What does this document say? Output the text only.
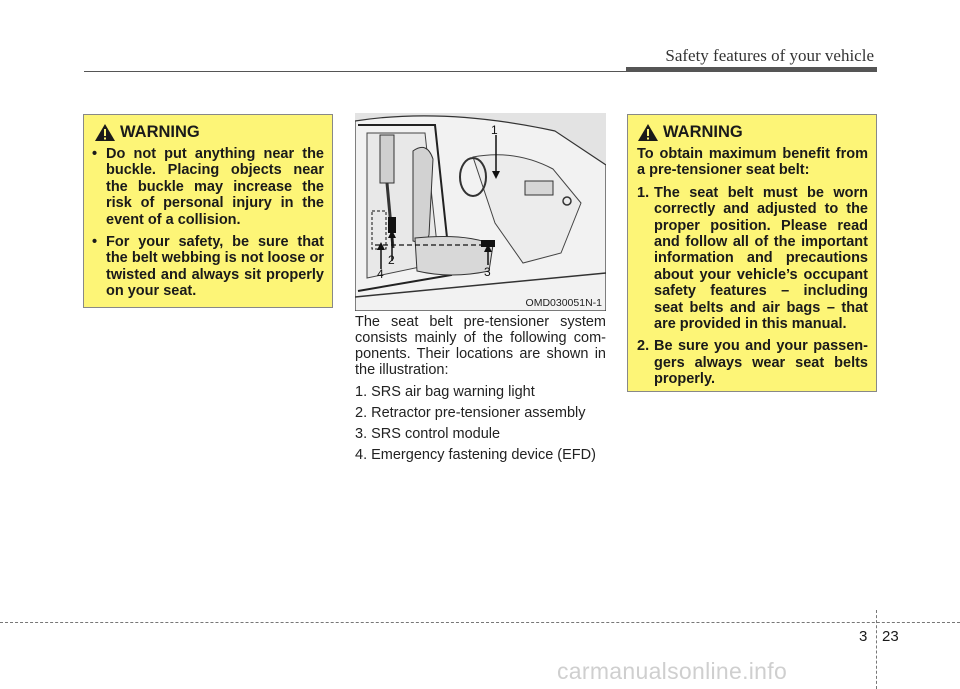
Safety features of your vehicle
WARNING
• Do not put anything near the buckle. Placing objects near the buckle may increase the risk of personal injury in the event of a collision.
• For your safety, be sure that the belt webbing is not loose or twisted and always sit properly on your seat.
1
2
3
4
OMD030051N-1

The seat belt pre-tensioner system consists mainly of the following com-ponents. Their locations are shown in the illustration:

1. SRS air bag warning light

2. Retractor pre-tensioner assembly

3. SRS control module

4. Emergency fastening device (EFD)

WARNING
To obtain maximum benefit from a pre-tensioner seat belt:
1. The seat belt must be worn correctly and adjusted to the proper position. Please read and follow all of the important information and precautions about your vehicle’s occupant safety features – including seat belts and air bags – that are provided in this manual.
2. Be sure you and your passen-gers always wear seat belts properly.
3 23
carmanualsonline.info
